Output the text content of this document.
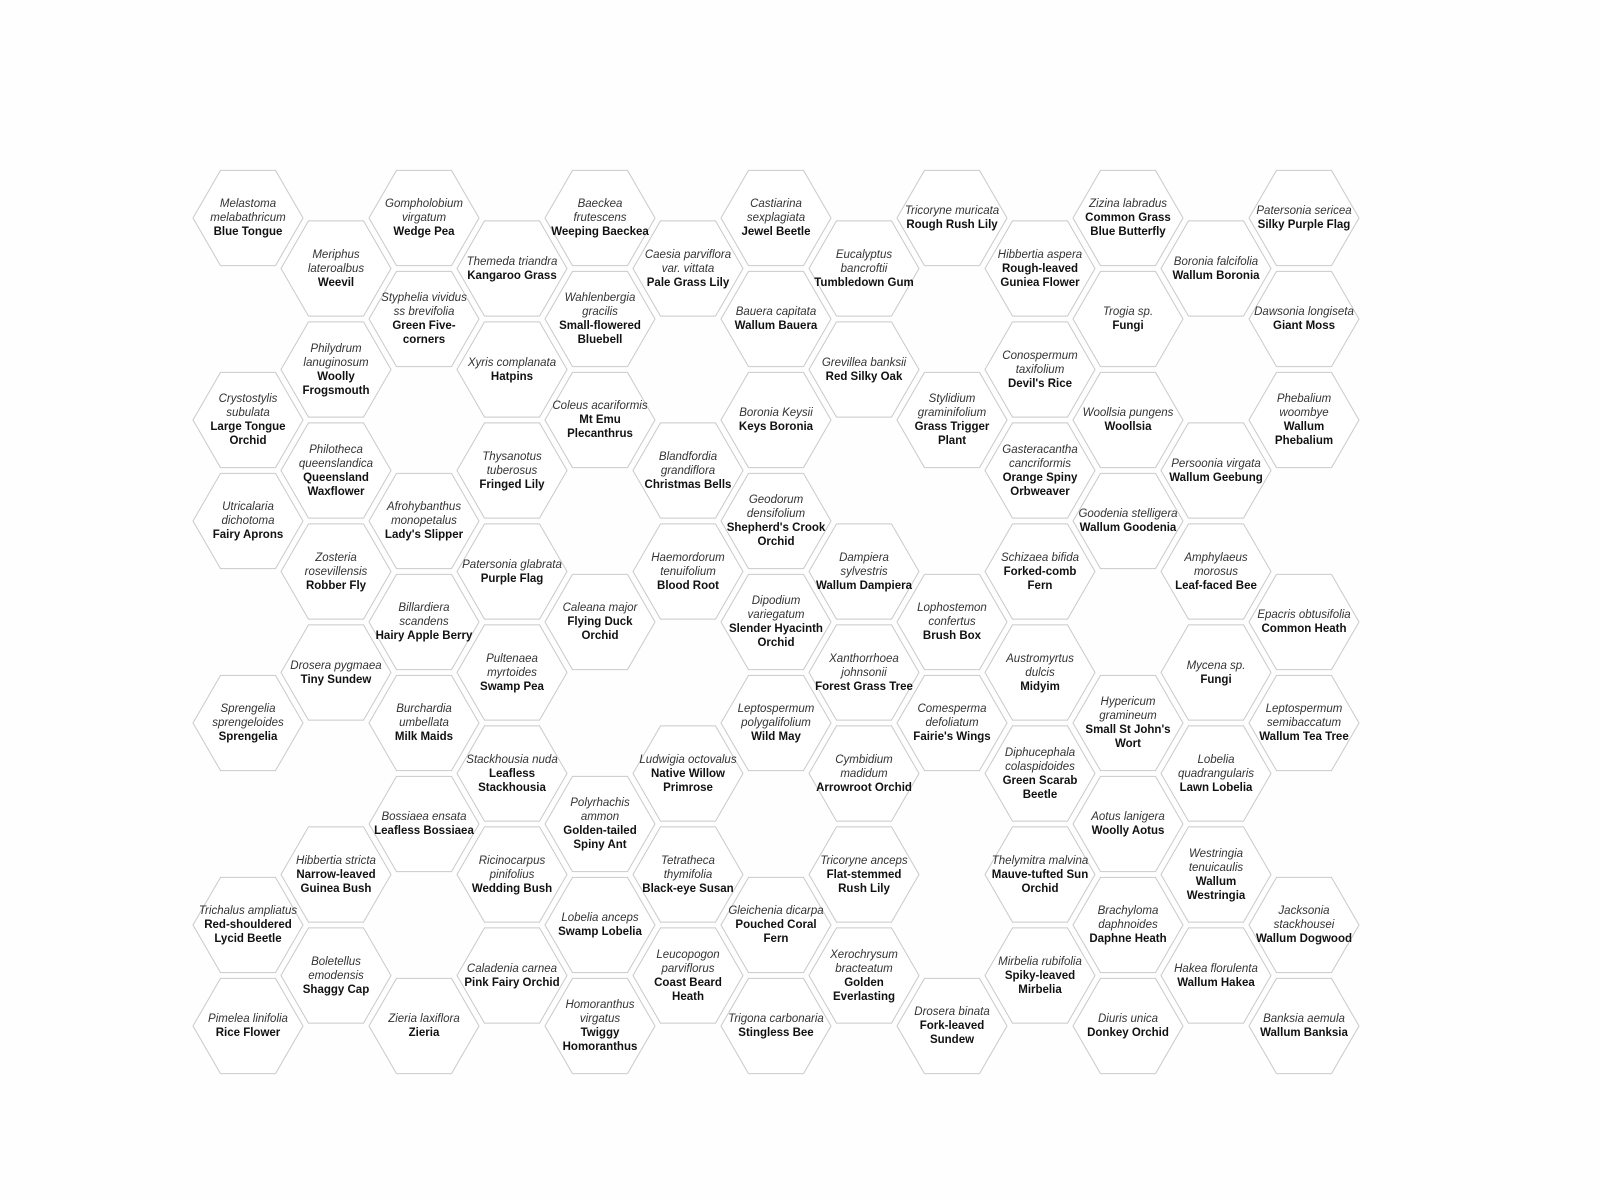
Melastoma melabathricum
Blue Tongue
Crystostylis subulata
Large Tongue Orchid
Utricalaria dichotoma
Fairy Aprons
Sprengelia sprengeloides
Sprengelia
Trichalus ampliatus
Red-shouldered Lycid Beetle
Pimelea linifolia
Rice Flower
Meriphus lateroalbus
Weevil
Philydrum lanuginosum
Woolly Frogsmouth
Philotheca queenslandica
Queensland Waxflower
Zosteria rosevillensis
Robber Fly
Drosera pygmaea
Tiny Sundew
Hibbertia stricta
Narrow-leaved Guinea Bush
Boletellus emodensis
Shaggy Cap
Gompholobium virgatum
Wedge Pea
Styphelia vividus ss brevifolia
Green Five-corners
Afrohybanthus monopetalus
Lady's Slipper
Billardiera scandens
Hairy Apple Berry
Burchardia umbellata
Milk Maids
Bossiaea ensata
Leafless Bossiaea
Zieria laxiflora
Zieria
Themeda triandra
Kangaroo Grass
Xyris complanata
Hatpins
Thysanotus tuberosus
Fringed Lily
Patersonia glabrata
Purple Flag
Pultenaea myrtoides
Swamp Pea
Stackhousia nuda
Leafless Stackhousia
Ricinocarpus pinifolius
Wedding Bush
Caladenia carnea
Pink Fairy Orchid
Baeckea frutescens
Weeping Baeckea
Wahlenbergia gracilis
Small-flowered Bluebell
Coleus acariformis
Mt Emu Plecanthrus
Caleana major
Flying Duck Orchid
Polyrhachis ammon
Golden-tailed Spiny Ant
Lobelia anceps
Swamp Lobelia
Homoranthus virgatus
Twiggy Homoranthus
Caesia parviflora var. vittata
Pale Grass Lily
Blandfordia grandiflora
Christmas Bells
Haemordorum tenuifolium
Blood Root
Ludwigia octovalus
Native Willow Primrose
Tetratheca thymifolia
Black-eye Susan
Leucopogon parviflorus
Coast Beard Heath
Castiarina sexplagiata
Jewel Beetle
Bauera capitata
Wallum Bauera
Boronia Keysii
Keys Boronia
Geodorum densifolium
Shepherd's Crook Orchid
Dipodium variegatum
Slender Hyacinth Orchid
Leptospermum polygalifolium
Wild May
Gleichenia dicarpa
Pouched Coral Fern
Trigona carbonaria
Stingless Bee
Eucalyptus bancroftii
Tumbledown Gum
Grevillea banksii
Red Silky Oak
Dampiera sylvestris
Wallum Dampiera
Xanthorrhoea johnsonii
Forest Grass Tree
Cymbidium madidum
Arrowroot Orchid
Tricoryne anceps
Flat-stemmed Rush Lily
Xerochrysum bracteatum
Golden Everlasting
Tricoryne muricata
Rough Rush Lily
Stylidium graminifolium
Grass Trigger Plant
Lophostemon confertus
Brush Box
Comesperma defoliatum
Fairie's Wings
Drosera binata
Fork-leaved Sundew
Hibbertia aspera
Rough-leaved Guniea Flower
Conospermum taxifolium
Devil's Rice
Gasteracantha cancriformis
Orange Spiny Orbweaver
Schizaea bifida
Forked-comb Fern
Austromyrtus dulcis
Midyim
Diphucephala colaspidoides
Green Scarab Beetle
Thelymitra malvina
Mauve-tufted Sun Orchid
Mirbelia rubifolia
Spiky-leaved Mirbelia
Zizina labradus
Common Grass Blue Butterfly
Trogia sp.
Fungi
Woollsia pungens
Woollsia
Goodenia stelligera
Wallum Goodenia
Hypericum gramineum
Small St John's Wort
Aotus lanigera
Woolly Aotus
Brachyloma daphnoides
Daphne Heath
Diuris unica
Donkey Orchid
Boronia falcifolia
Wallum Boronia
Persoonia virgata
Wallum Geebung
Amphylaeus morosus
Leaf-faced Bee
Mycena sp.
Fungi
Lobelia quadrangularis
Lawn Lobelia
Westringia tenuicaulis
Wallum Westringia
Hakea florulenta
Wallum Hakea
Patersonia sericea
Silky Purple Flag
Dawsonia longiseta
Giant Moss
Phebalium woombye
Wallum Phebalium
Epacris obtusifolia
Common Heath
Leptospermum semibaccatum
Wallum Tea Tree
Jacksonia stackhousei
Wallum Dogwood
Banksia aemula
Wallum Banksia
